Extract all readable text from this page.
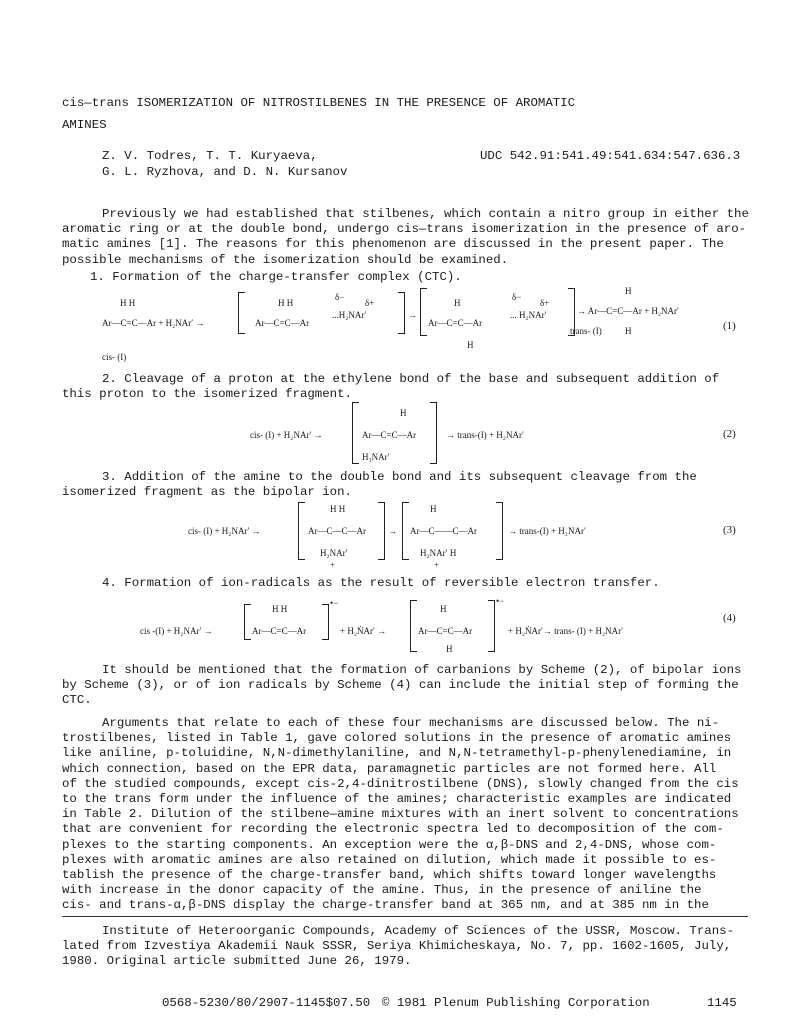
cis—trans ISOMERIZATION OF NITROSTILBENES IN THE PRESENCE OF AROMATIC
AMINES
Z. V. Todres, T. T. Kuryaeva,
G. L. Ryzhova, and D. N. Kursanov
UDC 542.91:541.49:541.634:547.636.3
Previously we had established that stilbenes, which contain a nitro group in either the
aromatic ring or at the double bond, undergo cis—trans isomerization in the presence of aro-
matic amines [1]. The reasons for this phenomenon are discussed in the present paper. The
possible mechanisms of the isomerization should be examined.
1. Formation of the charge-transfer complex (CTC).
H H
Ar—C=C—Ar + H₂NAr′ →
H H
δ−
Ar—C=C—Ar
δ+
...H₂NAr′	→
H
δ−
Ar—C=C—Ar
H
δ+
... H₂NAr′
H
→ Ar—C=C—Ar + H₂NAr′
trans- (I)	H	(1)
cis- (I)
2. Cleavage of a proton at the ethylene bond of the base and subsequent addition of
this proton to the isomerized fragment.
cis- (I) + H₂NAr′ →
H
Ar—C=C—Ar
H₃NAr′
→ trans-(I) + H₂NAr′	(2)
3. Addition of the amine to the double bond and its subsequent cleavage from the
isomerized fragment as the bipolar ion.
cis- (I) + H₂NAr′ →
H H
Ar—C—C—Ar
H₂NAr′
+
→
H
Ar—C——C—Ar
H₂NAr′ H
+
→ trans-(I) + H₂NAr′	(3)
4. Formation of ion-radicals as the result of reversible electron transfer.
cis -(I) + H₂NAr′ →
H H
Ar—C=C—Ar
•−
+ H₂ṄAr′ →
H
Ar—C=C—Ar
H
•−
+ H₂ṄAr′→ trans- (I) + H₂NAr′
(4)
It should be mentioned that the formation of carbanions by Scheme (2), of bipolar ions
by Scheme (3), or of ion radicals by Scheme (4) can include the initial step of forming the
CTC.
Arguments that relate to each of these four mechanisms are discussed below. The ni-
trostilbenes, listed in Table 1, gave colored solutions in the presence of aromatic amines
like aniline, p-toluidine, N,N-dimethylaniline, and N,N-tetramethyl-p-phenylenediamine, in
which connection, based on the EPR data, paramagnetic particles are not formed here. All
of the studied compounds, except cis-2,4-dinitrostilbene (DNS), slowly changed from the cis
to the trans form under the influence of the amines; characteristic examples are indicated
in Table 2. Dilution of the stilbene—amine mixtures with an inert solvent to concentrations
that are convenient for recording the electronic spectra led to decomposition of the com-
plexes to the starting components. An exception were the α,β-DNS and 2,4-DNS, whose com-
plexes with aromatic amines are also retained on dilution, which made it possible to es-
tablish the presence of the charge-transfer band, which shifts toward longer wavelengths
with increase in the donor capacity of the amine. Thus, in the presence of aniline the
cis- and trans-α,β-DNS display the charge-transfer band at 365 nm, and at 385 nm in the
Institute of Heteroorganic Compounds, Academy of Sciences of the USSR, Moscow. Trans-
lated from Izvestiya Akademii Nauk SSSR, Seriya Khimicheskaya, No. 7, pp. 1602-1605, July,
1980. Original article submitted June 26, 1979.
0568-5230/80/2907-1145$07.50 © 1981 Plenum Publishing Corporation	1145
